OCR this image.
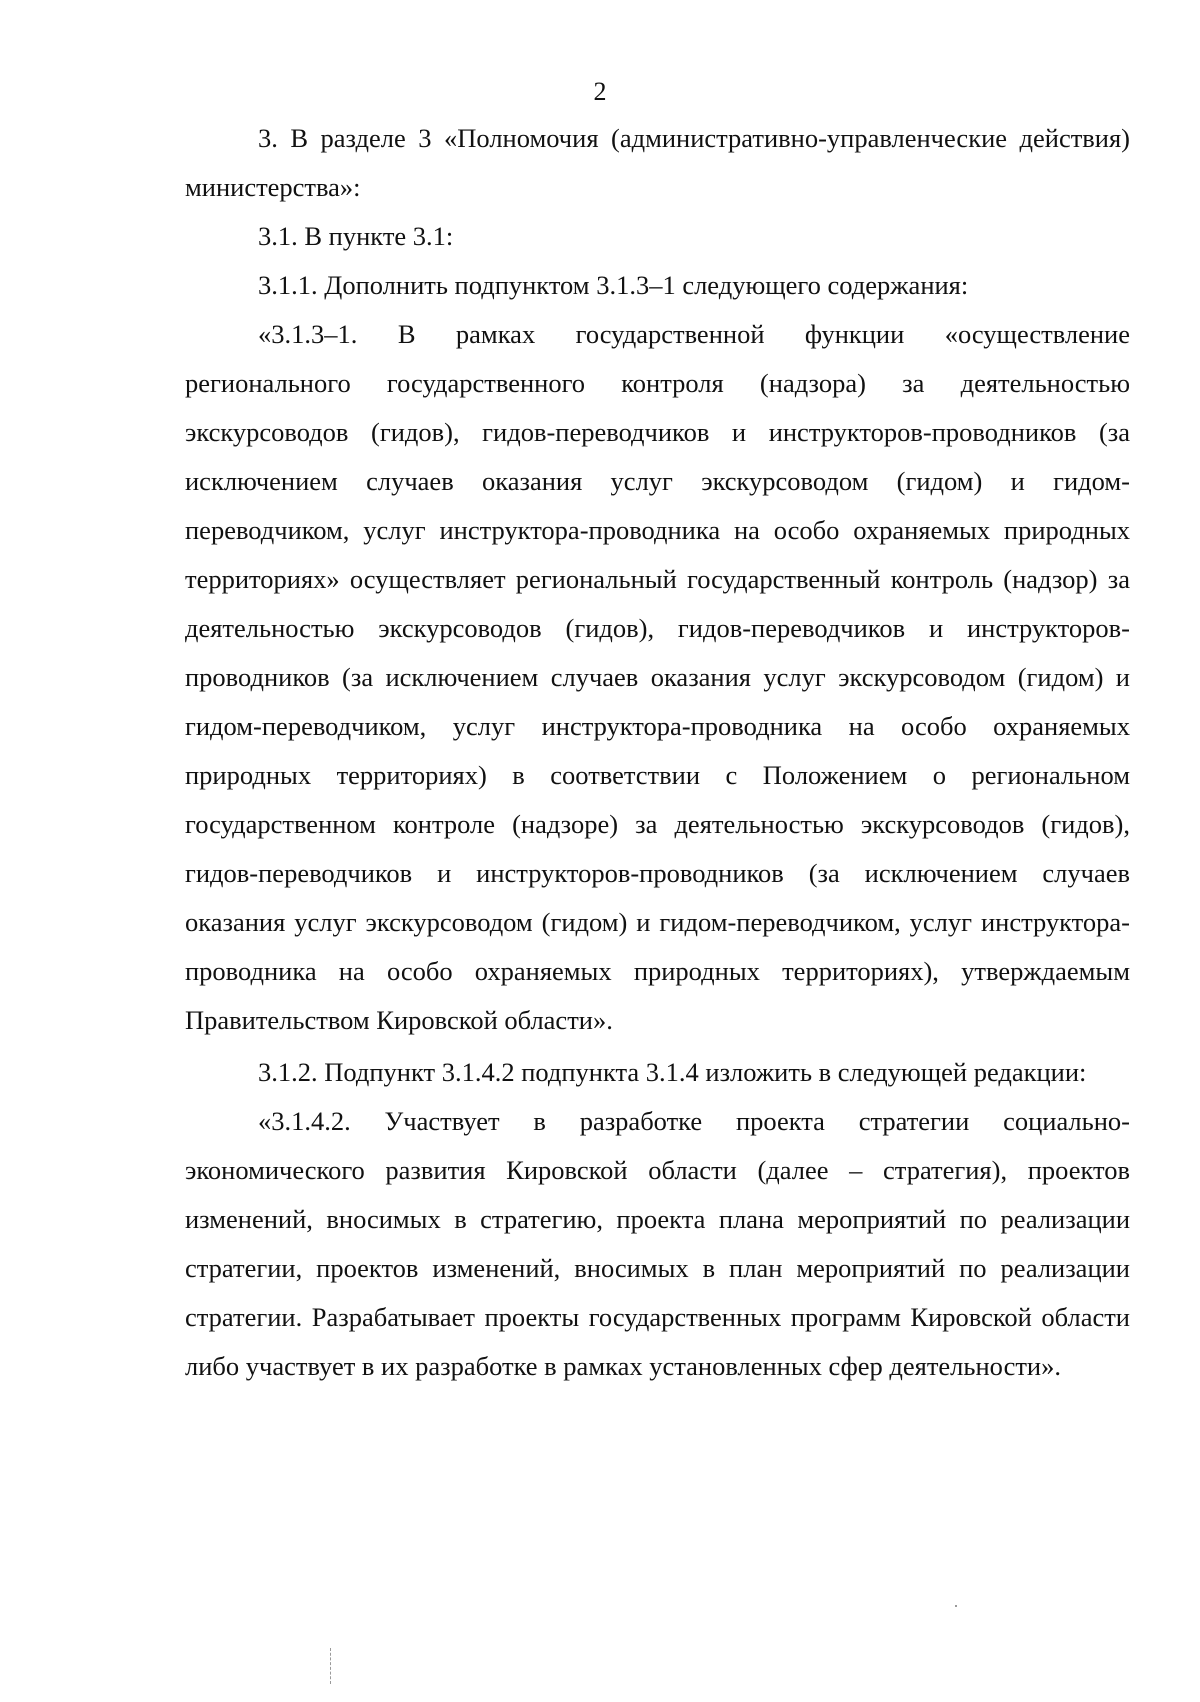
2

3. В разделе 3 «Полномочия (административно-управленческие действия) министерства»:

3.1. В пункте 3.1:

3.1.1. Дополнить подпунктом 3.1.3–1 следующего содержания:

«3.1.3–1. В рамках государственной функции «осуществление регионального государственного контроля (надзора) за деятельностью экскурсоводов (гидов), гидов-переводчиков и инструкторов-проводников (за исключением случаев оказания услуг экскурсоводом (гидом) и гидом-переводчиком, услуг инструктора-проводника на особо охраняемых природных территориях» осуществляет региональный государственный контроль (надзор) за деятельностью экскурсоводов (гидов), гидов-переводчиков и инструкторов-проводников (за исключением случаев оказания услуг экскурсоводом (гидом) и гидом-переводчиком, услуг инструктора-проводника на особо охраняемых природных территориях) в соответствии с Положением о региональном государственном контроле (надзоре) за деятельностью экскурсоводов (гидов), гидов-переводчиков и инструкторов-проводников (за исключением случаев оказания услуг экскурсоводом (гидом) и гидом-переводчиком, услуг инструктора-проводника на особо охраняемых природных территориях), утверждаемым Правительством Кировской области».

3.1.2. Подпункт 3.1.4.2 подпункта 3.1.4 изложить в следующей редакции:

«3.1.4.2. Участвует в разработке проекта стратегии социально-экономического развития Кировской области (далее – стратегия), проектов изменений, вносимых в стратегию, проекта плана мероприятий по реализации стратегии, проектов изменений, вносимых в план мероприятий по реализации стратегии. Разрабатывает проекты государственных программ Кировской области либо участвует в их разработке в рамках установленных сфер деятельности».
